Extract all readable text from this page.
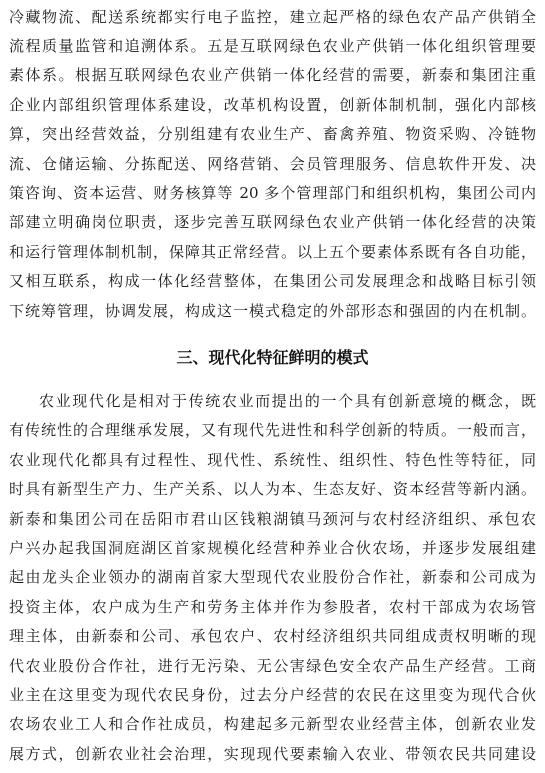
冷藏物流、配送系统都实行电子监控，建立起严格的绿色农产品产供销全
流程质量监管和追溯体系。五是互联网绿色农业产供销一体化组织管理要
素体系。根据互联网绿色农业产供销一体化经营的需要，新泰和集团注重
企业内部组织管理体系建设，改革机构设置，创新体制机制，强化内部核
算，突出经营效益，分别组建有农业生产、畜禽养殖、物资采购、冷链物
流、仓储运输、分拣配送、网络营销、会员管理服务、信息软件开发、决
策咨询、资本运营、财务核算等 20 多个管理部门和组织机构，集团公司内
部建立明确岗位职责，逐步完善互联网绿色农业产供销一体化经营的决策
和运行管理体制机制，保障其正常经营。以上五个要素体系既有各自功能，
又相互联系，构成一体化经营整体，在集团公司发展理念和战略目标引领
下统筹管理，协调发展，构成这一模式稳定的外部形态和强固的内在机制。
三、现代化特征鲜明的模式
农业现代化是相对于传统农业而提出的一个具有创新意境的概念，既
有传统性的合理继承发展，又有现代先进性和科学创新的特质。一般而言，
农业现代化都具有过程性、现代性、系统性、组织性、特色性等特征，同
时具有新型生产力、生产关系、以人为本、生态友好、资本经营等新内涵。
新泰和集团公司在岳阳市君山区钱粮湖镇马颈河与农村经济组织、承包农
户兴办起我国洞庭湖区首家规模化经营种养业合伙农场，并逐步发展组建
起由龙头企业领办的湖南首家大型现代农业股份合作社，新泰和公司成为
投资主体，农户成为生产和劳务主体并作为参股者，农村干部成为农场管
理主体，由新泰和公司、承包农户、农村经济组织共同组成责权明晰的现
代农业股份合作社，进行无污染、无公害绿色安全农产品生产经营。工商
业主在这里变为现代农民身份，过去分户经营的农民在这里变为现代合伙
农场农业工人和合作社成员，构建起多元新型农业经营主体，创新农业发
展方式，创新农业社会治理，实现现代要素输入农业、带领农民共同建设
